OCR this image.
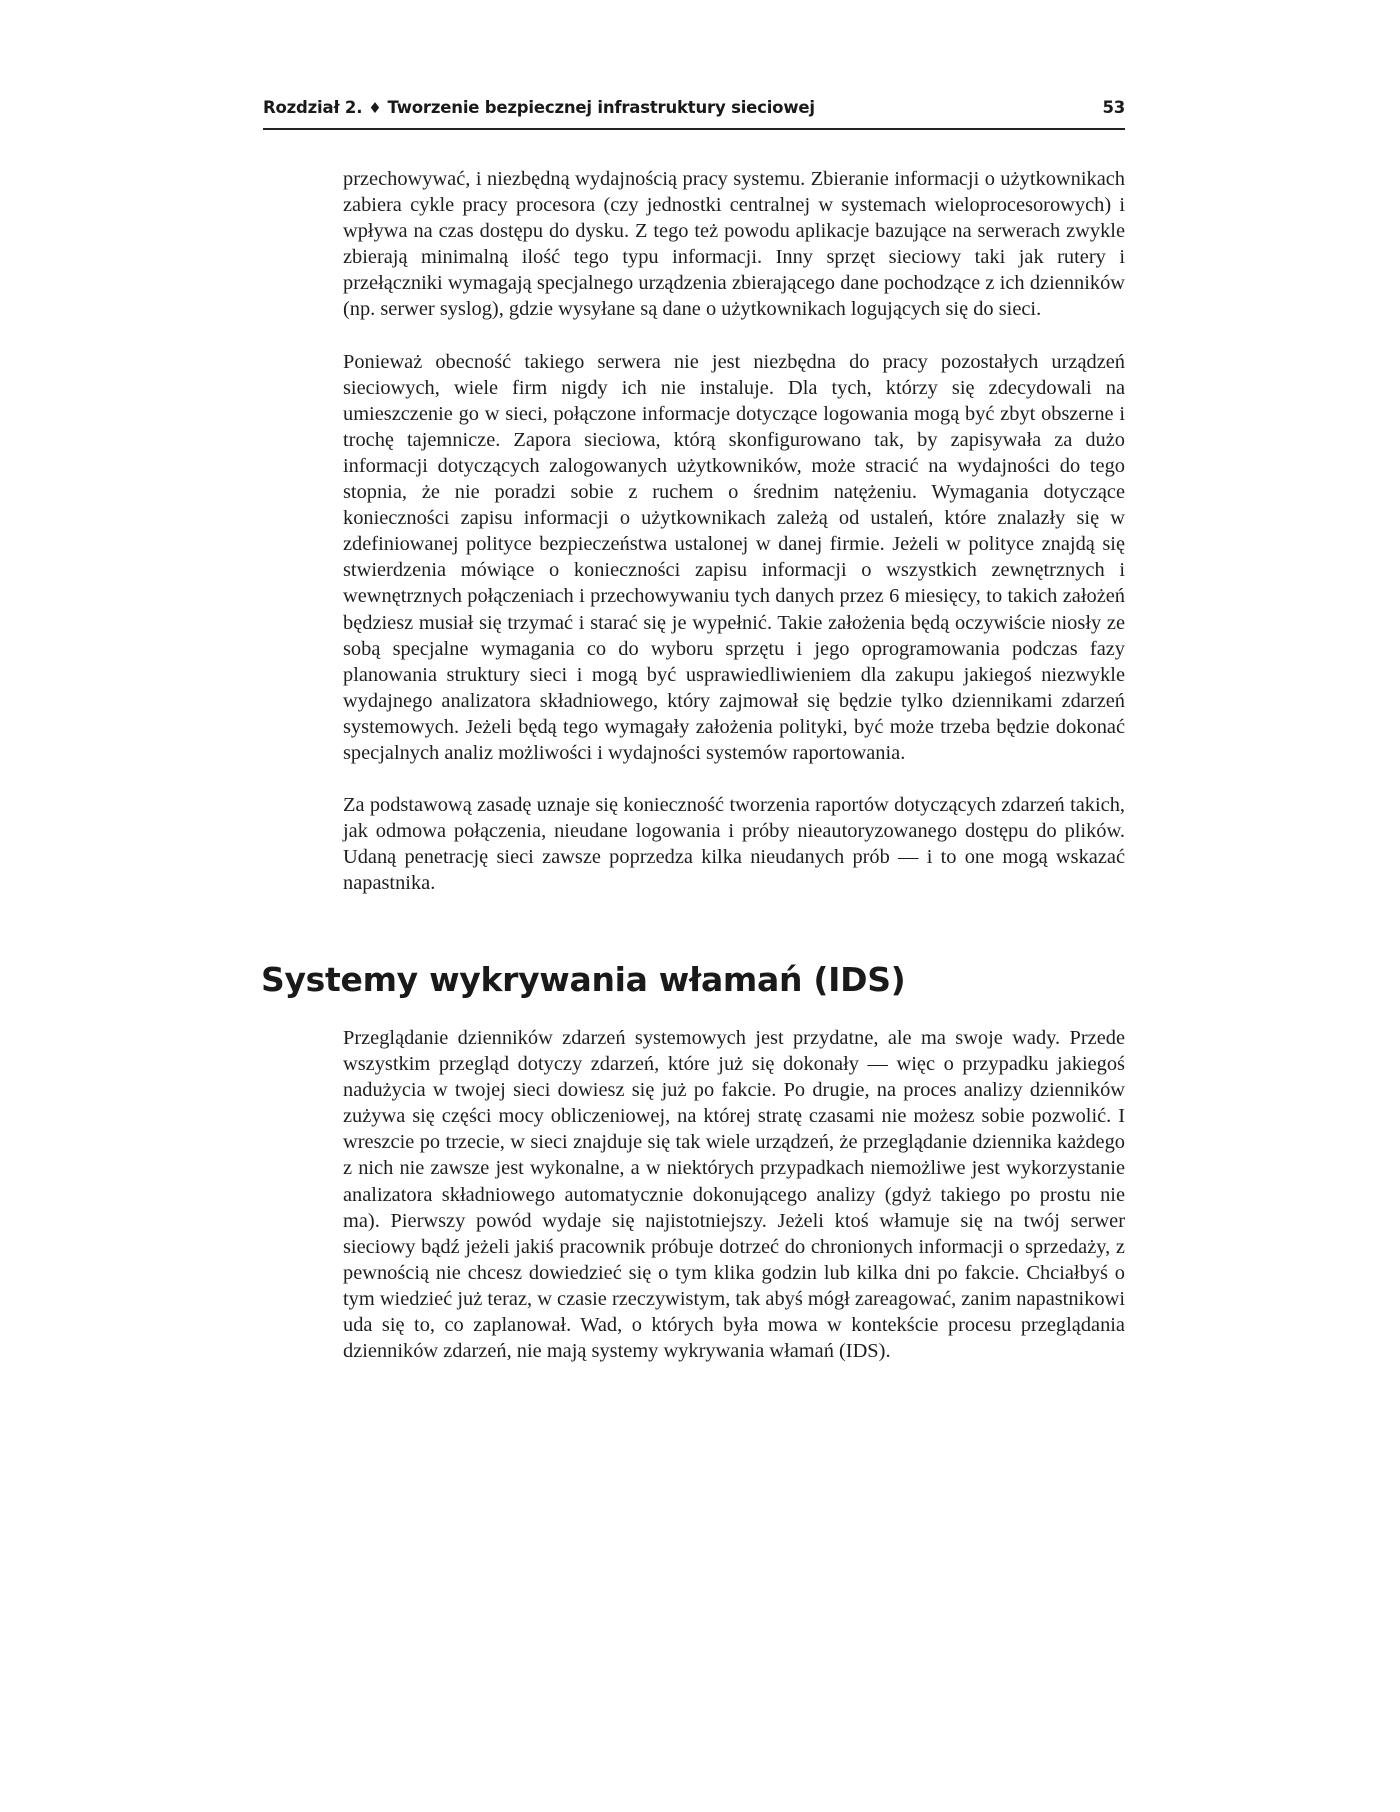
Rozdział 2. ♦ Tworzenie bezpiecznej infrastruktury sieciowej	53

przechowywać, i niezbędną wydajnością pracy systemu. Zbieranie informacji o użytkownikach zabiera cykle pracy procesora (czy jednostki centralnej w systemach wieloprocesorowych) i wpływa na czas dostępu do dysku. Z tego też powodu aplikacje bazujące na serwerach zwykle zbierają minimalną ilość tego typu informacji. Inny sprzęt sieciowy taki jak rutery i przełączniki wymagają specjalnego urządzenia zbierającego dane pochodzące z ich dzienników (np. serwer syslog), gdzie wysyłane są dane o użytkownikach logujących się do sieci.

Ponieważ obecność takiego serwera nie jest niezbędna do pracy pozostałych urządzeń sieciowych, wiele firm nigdy ich nie instaluje. Dla tych, którzy się zdecydowali na umieszczenie go w sieci, połączone informacje dotyczące logowania mogą być zbyt obszerne i trochę tajemnicze. Zapora sieciowa, którą skonfigurowano tak, by zapisywała za dużo informacji dotyczących zalogowanych użytkowników, może stracić na wydajności do tego stopnia, że nie poradzi sobie z ruchem o średnim natężeniu. Wymagania dotyczące konieczności zapisu informacji o użytkownikach zależą od ustaleń, które znalazły się w zdefiniowanej polityce bezpieczeństwa ustalonej w danej firmie. Jeżeli w polityce znajdą się stwierdzenia mówiące o konieczności zapisu informacji o wszystkich zewnętrznych i wewnętrznych połączeniach i przechowywaniu tych danych przez 6 miesięcy, to takich założeń będziesz musiał się trzymać i starać się je wypełnić. Takie założenia będą oczywiście niosły ze sobą specjalne wymagania co do wyboru sprzętu i jego oprogramowania podczas fazy planowania struktury sieci i mogą być usprawiedliwieniem dla zakupu jakiegoś niezwykle wydajnego analizatora składniowego, który zajmował się będzie tylko dziennikami zdarzeń systemowych. Jeżeli będą tego wymagały założenia polityki, być może trzeba będzie dokonać specjalnych analiz możliwości i wydajności systemów raportowania.

Za podstawową zasadę uznaje się konieczność tworzenia raportów dotyczących zdarzeń takich, jak odmowa połączenia, nieudane logowania i próby nieautoryzowanego dostępu do plików. Udaną penetrację sieci zawsze poprzedza kilka nieudanych prób — i to one mogą wskazać napastnika.

Systemy wykrywania włamań (IDS)

Przeglądanie dzienników zdarzeń systemowych jest przydatne, ale ma swoje wady. Przede wszystkim przegląd dotyczy zdarzeń, które już się dokonały — więc o przypadku jakiegoś nadużycia w twojej sieci dowiesz się już po fakcie. Po drugie, na proces analizy dzienników zużywa się części mocy obliczeniowej, na której stratę czasami nie możesz sobie pozwolić. I wreszcie po trzecie, w sieci znajduje się tak wiele urządzeń, że przeglądanie dziennika każdego z nich nie zawsze jest wykonalne, a w niektórych przypadkach niemożliwe jest wykorzystanie analizatora składniowego automatycznie dokonującego analizy (gdyż takiego po prostu nie ma). Pierwszy powód wydaje się najistotniejszy. Jeżeli ktoś włamuje się na twój serwer sieciowy bądź jeżeli jakiś pracownik próbuje dotrzeć do chronionych informacji o sprzedaży, z pewnością nie chcesz dowiedzieć się o tym klika godzin lub kilka dni po fakcie. Chciałbyś o tym wiedzieć już teraz, w czasie rzeczywistym, tak abyś mógł zareagować, zanim napastnikowi uda się to, co zaplanował. Wad, o których była mowa w kontekście procesu przeglądania dzienników zdarzeń, nie mają systemy wykrywania włamań (IDS).
